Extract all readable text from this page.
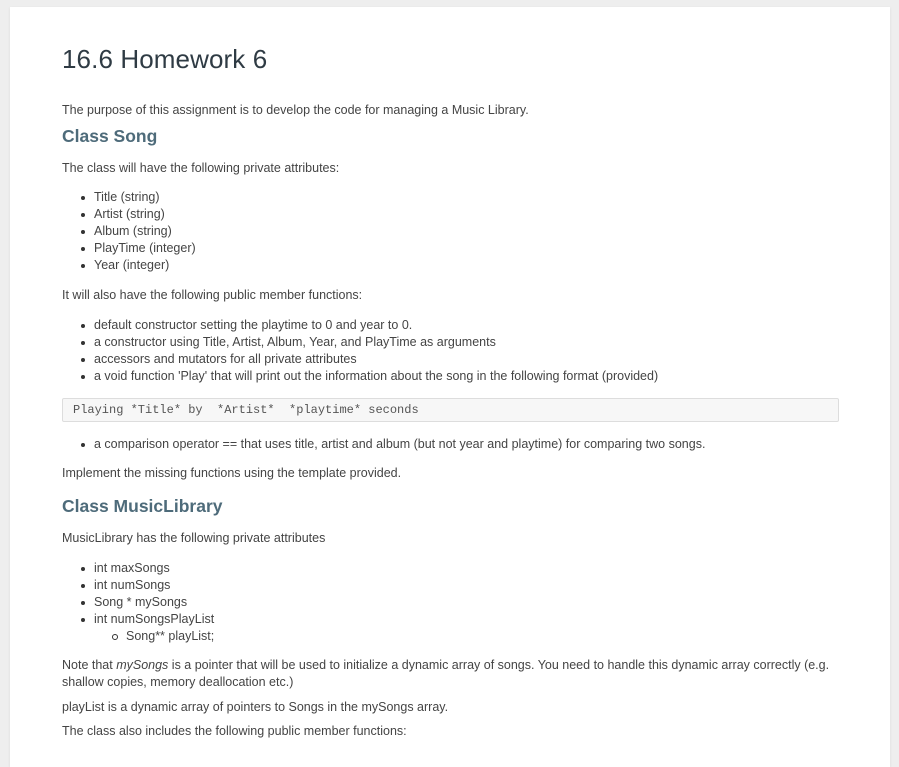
16.6 Homework 6

The purpose of this assignment is to develop the code for managing a Music Library.

Class Song

The class will have the following private attributes:

Title (string)
Artist (string)
Album (string)
PlayTime (integer)
Year (integer)

It will also have the following public member functions:

default constructor setting the playtime to 0 and year to 0.
a constructor using Title, Artist, Album, Year, and PlayTime as arguments
accessors and mutators for all private attributes
a void function 'Play' that will print out the information about the song in the following format (provided)
Playing *Title* by  *Artist*  *playtime* seconds
a comparison operator == that uses title, artist and album (but not year and playtime) for comparing two songs.

Implement the missing functions using the template provided.

Class MusicLibrary

MusicLibrary has the following private attributes

int maxSongs
int numSongs
Song * mySongs
int numSongsPlayList
Song** playList;

Note that mySongs is a pointer that will be used to initialize a dynamic array of songs. You need to handle this dynamic array correctly (e.g. shallow copies, memory deallocation etc.)

playList is a dynamic array of pointers to Songs in the mySongs array.

The class also includes the following public member functions:
